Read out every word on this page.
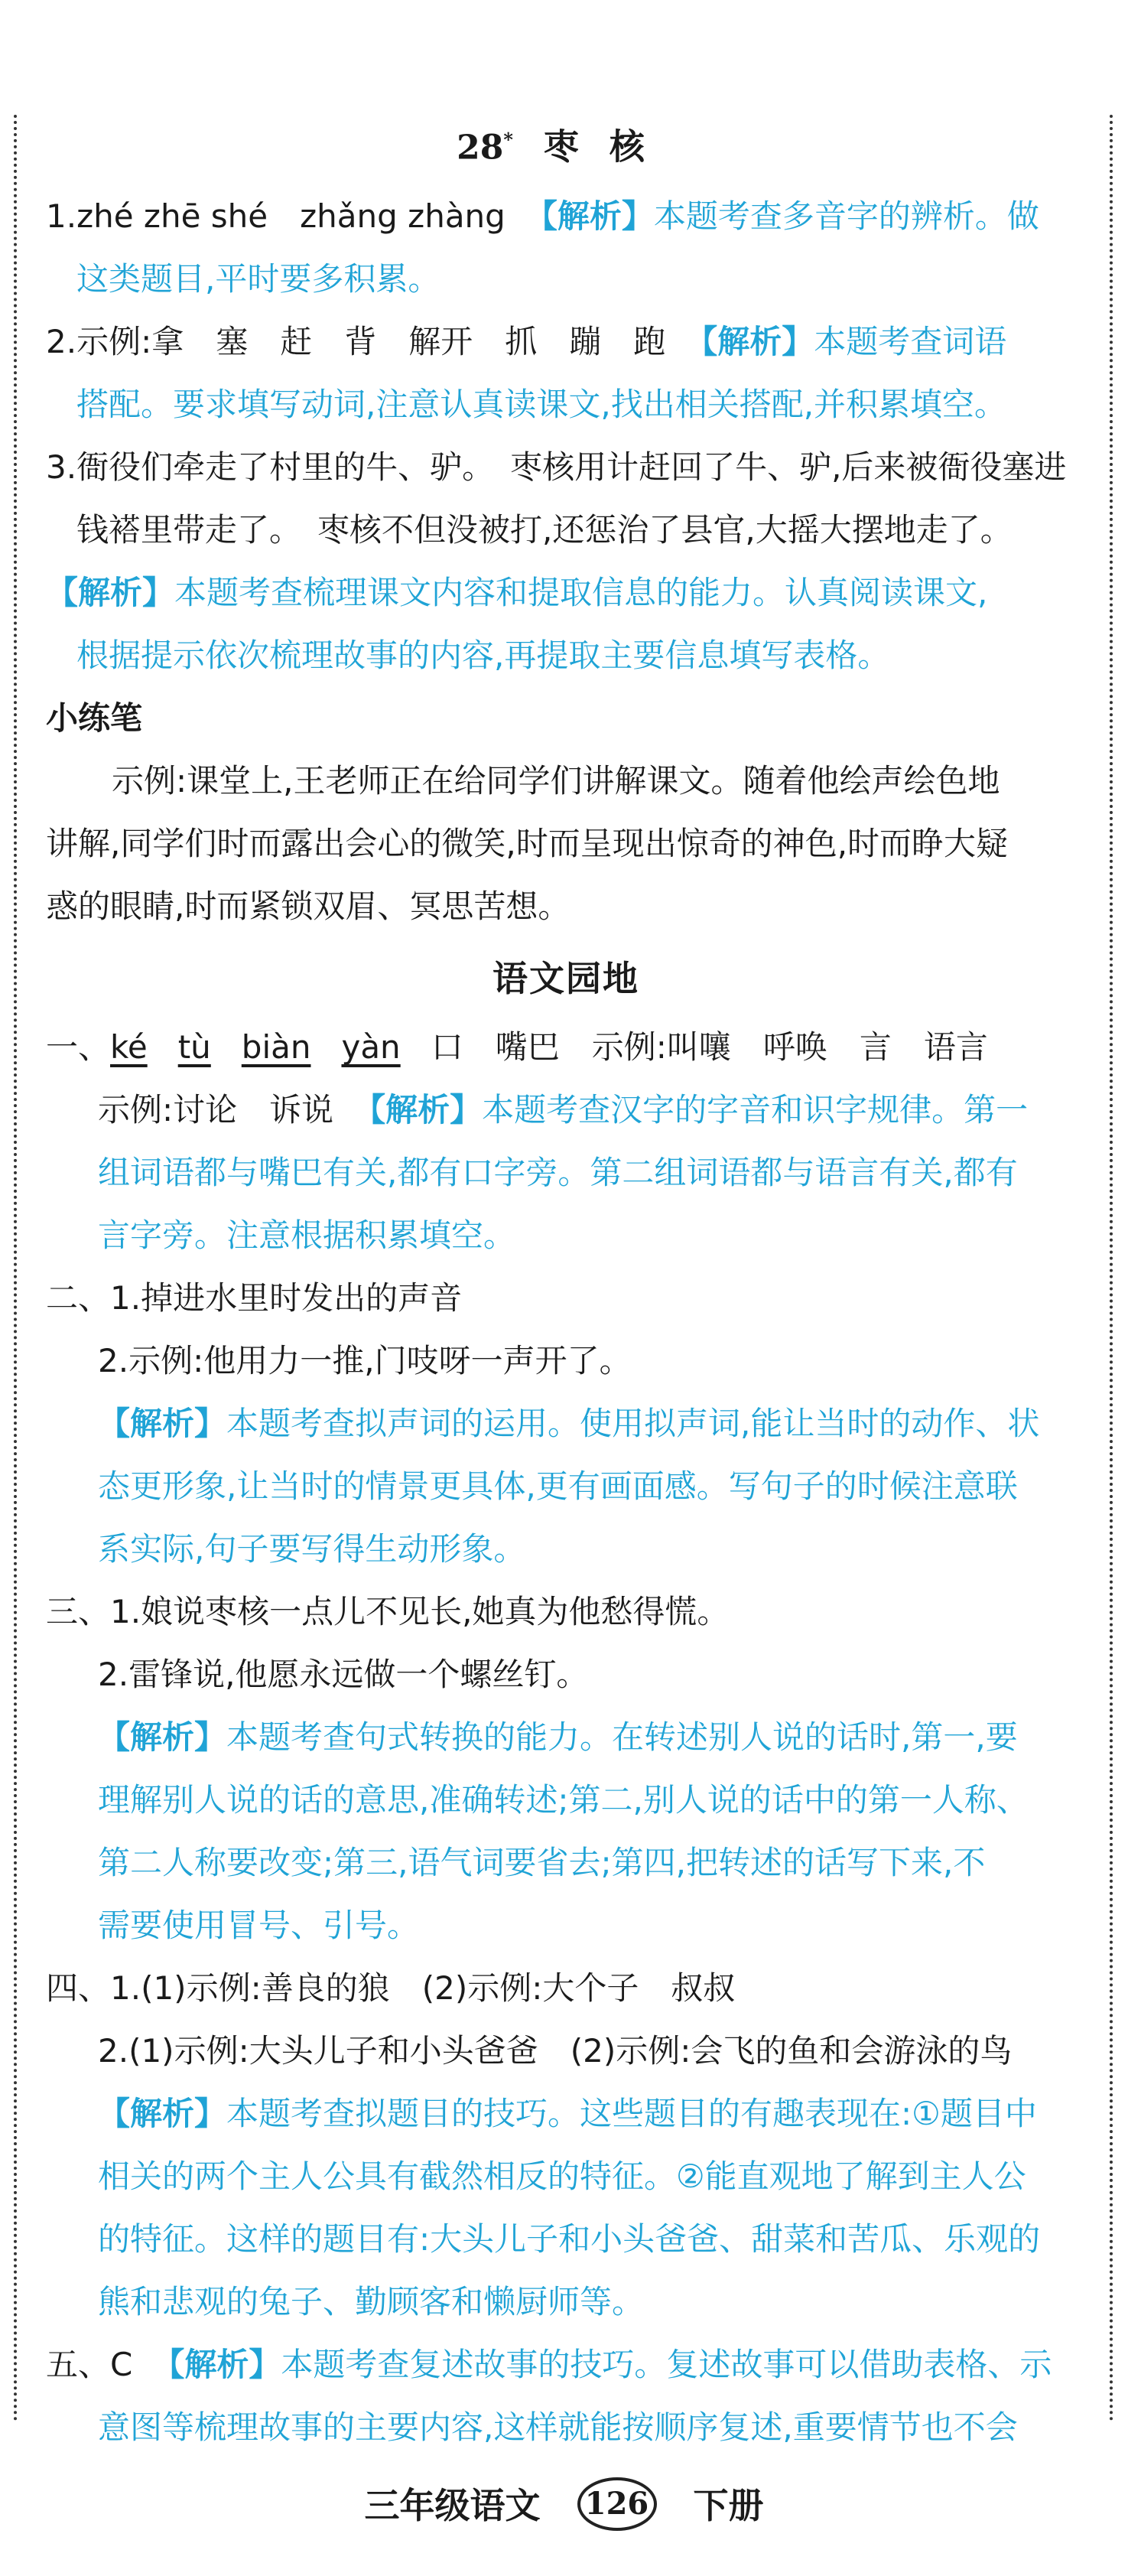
28* 枣核
1.zhé zhē shé　zhǎng zhàng 【解析】本题考查多音字的辨析。做
这类题目,平时要多积累。
2.示例:拿　塞　赶　背　解开　抓　蹦　跑 【解析】本题考查词语
搭配。要求填写动词,注意认真读课文,找出相关搭配,并积累填空。
3.衙役们牵走了村里的牛、驴。　枣核用计赶回了牛、驴,后来被衙役塞进
钱褡里带走了。　枣核不但没被打,还惩治了县官,大摇大摆地走了。
【解析】本题考查梳理课文内容和提取信息的能力。认真阅读课文,
根据提示依次梳理故事的内容,再提取主要信息填写表格。
小练笔
示例:课堂上,王老师正在给同学们讲解课文。随着他绘声绘色地
讲解,同学们时而露出会心的微笑,时而呈现出惊奇的神色,时而睁大疑
惑的眼睛,时而紧锁双眉、冥思苦想。
语文园地
一、ké tù biàn yàn 口　嘴巴　示例:叫嚷　呼唤　言　语言
示例:讨论　诉说 【解析】本题考查汉字的字音和识字规律。第一
组词语都与嘴巴有关,都有口字旁。第二组词语都与语言有关,都有
言字旁。注意根据积累填空。
二、1.掉进水里时发出的声音
2.示例:他用力一推,门吱呀一声开了。
【解析】本题考查拟声词的运用。使用拟声词,能让当时的动作、状
态更形象,让当时的情景更具体,更有画面感。写句子的时候注意联
系实际,句子要写得生动形象。
三、1.娘说枣核一点儿不见长,她真为他愁得慌。
2.雷锋说,他愿永远做一个螺丝钉。
【解析】本题考查句式转换的能力。在转述别人说的话时,第一,要
理解别人说的话的意思,准确转述;第二,别人说的话中的第一人称、
第二人称要改变;第三,语气词要省去;第四,把转述的话写下来,不
需要使用冒号、引号。
四、1.(1)示例:善良的狼　(2)示例:大个子　叔叔
2.(1)示例:大头儿子和小头爸爸　(2)示例:会飞的鱼和会游泳的鸟
【解析】本题考查拟题目的技巧。这些题目的有趣表现在:①题目中
相关的两个主人公具有截然相反的特征。②能直观地了解到主人公
的特征。这样的题目有:大头儿子和小头爸爸、甜菜和苦瓜、乐观的
熊和悲观的兔子、勤顾客和懒厨师等。
五、C 【解析】本题考查复述故事的技巧。复述故事可以借助表格、示
意图等梳理故事的主要内容,这样就能按顺序复述,重要情节也不会
三年级语文 126 下册
